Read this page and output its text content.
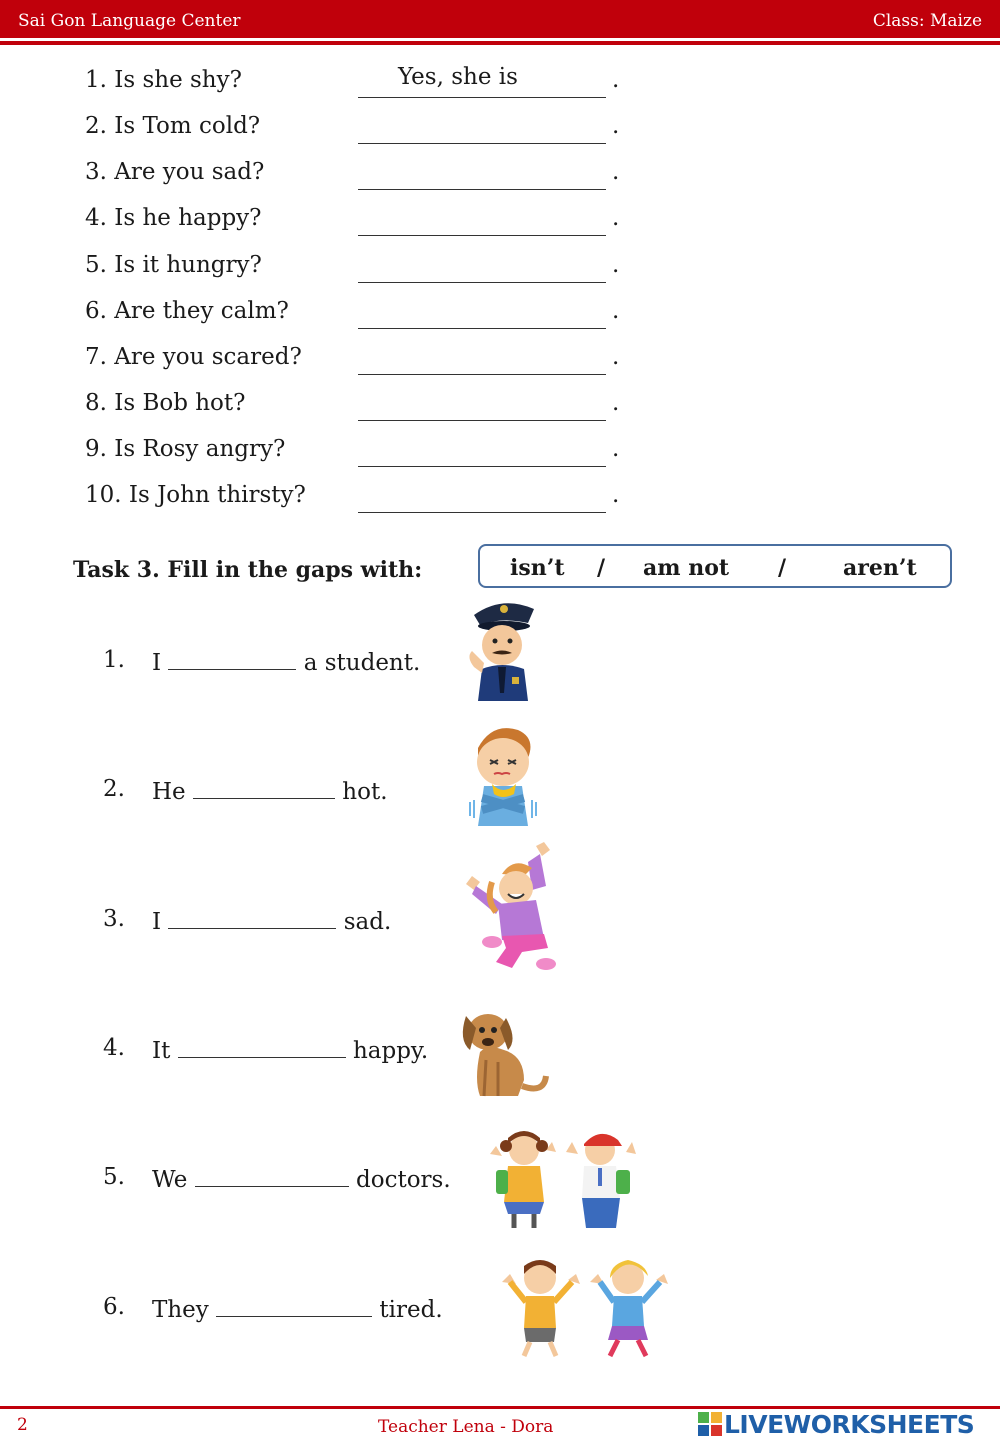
Sai Gon Language Center	Class: Maize
1. Is she shy?	Yes, she is	.
2. Is Tom cold?	.
3. Are you sad?	.
4. Is he happy?	.
5. Is it hungry?	.
6. Are they calm?	.
7. Are you scared?	.
8. Is Bob hot?	.
9. Is Rosy angry?	.
10. Is John thirsty?	.
Task 3. Fill in the gaps with:	isn’t / am not /	aren’t
1. I	a student.
2. He	hot.
3. I	sad.
4. It	happy.
5. We	doctors.
6. They	tired.
2	Teacher Lena - Dora	LIVEWORKSHEETS
